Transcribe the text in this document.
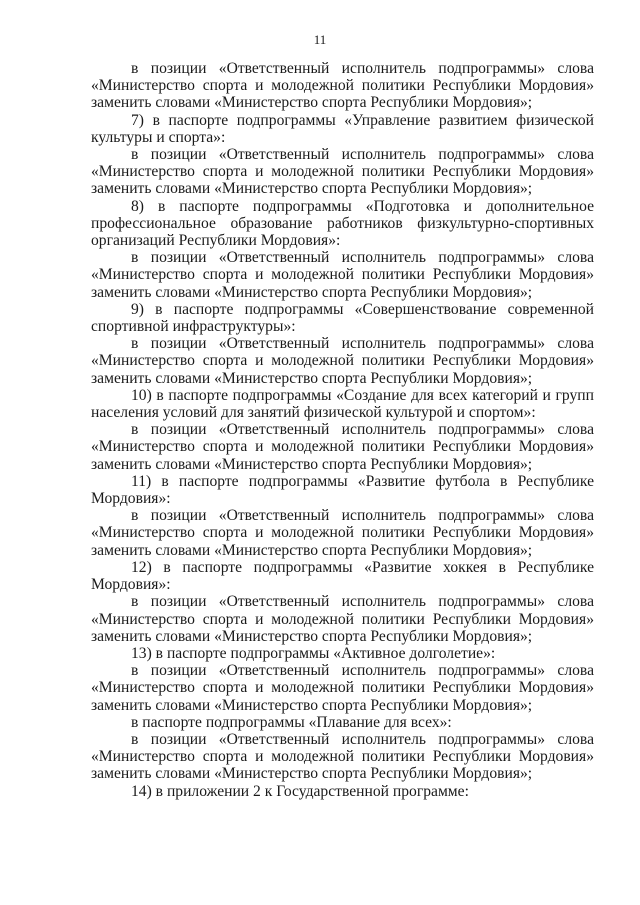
11

в позиции «Ответственный исполнитель подпрограммы» слова «Министерство спорта и молодежной политики Республики Мордовия» заменить словами «Министерство спорта Республики Мордовия»;

7) в паспорте подпрограммы «Управление развитием физической культуры и спорта»:

в позиции «Ответственный исполнитель подпрограммы» слова «Министерство спорта и молодежной политики Республики Мордовия» заменить словами «Министерство спорта Республики Мордовия»;

8) в паспорте подпрограммы «Подготовка и дополнительное профессиональное образование работников физкультурно-спортивных организаций Республики Мордовия»:

в позиции «Ответственный исполнитель подпрограммы» слова «Министерство спорта и молодежной политики Республики Мордовия» заменить словами «Министерство спорта Республики Мордовия»;

9) в паспорте подпрограммы «Совершенствование современной спортивной инфраструктуры»:

в позиции «Ответственный исполнитель подпрограммы» слова «Министерство спорта и молодежной политики Республики Мордовия» заменить словами «Министерство спорта Республики Мордовия»;

10) в паспорте подпрограммы «Создание для всех категорий и групп населения условий для занятий физической культурой и спортом»:

в позиции «Ответственный исполнитель подпрограммы» слова «Министерство спорта и молодежной политики Республики Мордовия» заменить словами «Министерство спорта Республики Мордовия»;

11) в паспорте подпрограммы «Развитие футбола в Республике Мордовия»:

в позиции «Ответственный исполнитель подпрограммы» слова «Министерство спорта и молодежной политики Республики Мордовия» заменить словами «Министерство спорта Республики Мордовия»;

12) в паспорте подпрограммы «Развитие хоккея в Республике Мордовия»:

в позиции «Ответственный исполнитель подпрограммы» слова «Министерство спорта и молодежной политики Республики Мордовия» заменить словами «Министерство спорта Республики Мордовия»;

13) в паспорте подпрограммы «Активное долголетие»:

в позиции «Ответственный исполнитель подпрограммы» слова «Министерство спорта и молодежной политики Республики Мордовия» заменить словами «Министерство спорта Республики Мордовия»;

в паспорте подпрограммы «Плавание для всех»:

в позиции «Ответственный исполнитель подпрограммы» слова «Министерство спорта и молодежной политики Республики Мордовия» заменить словами «Министерство спорта Республики Мордовия»;

14) в приложении 2 к Государственной программе:
